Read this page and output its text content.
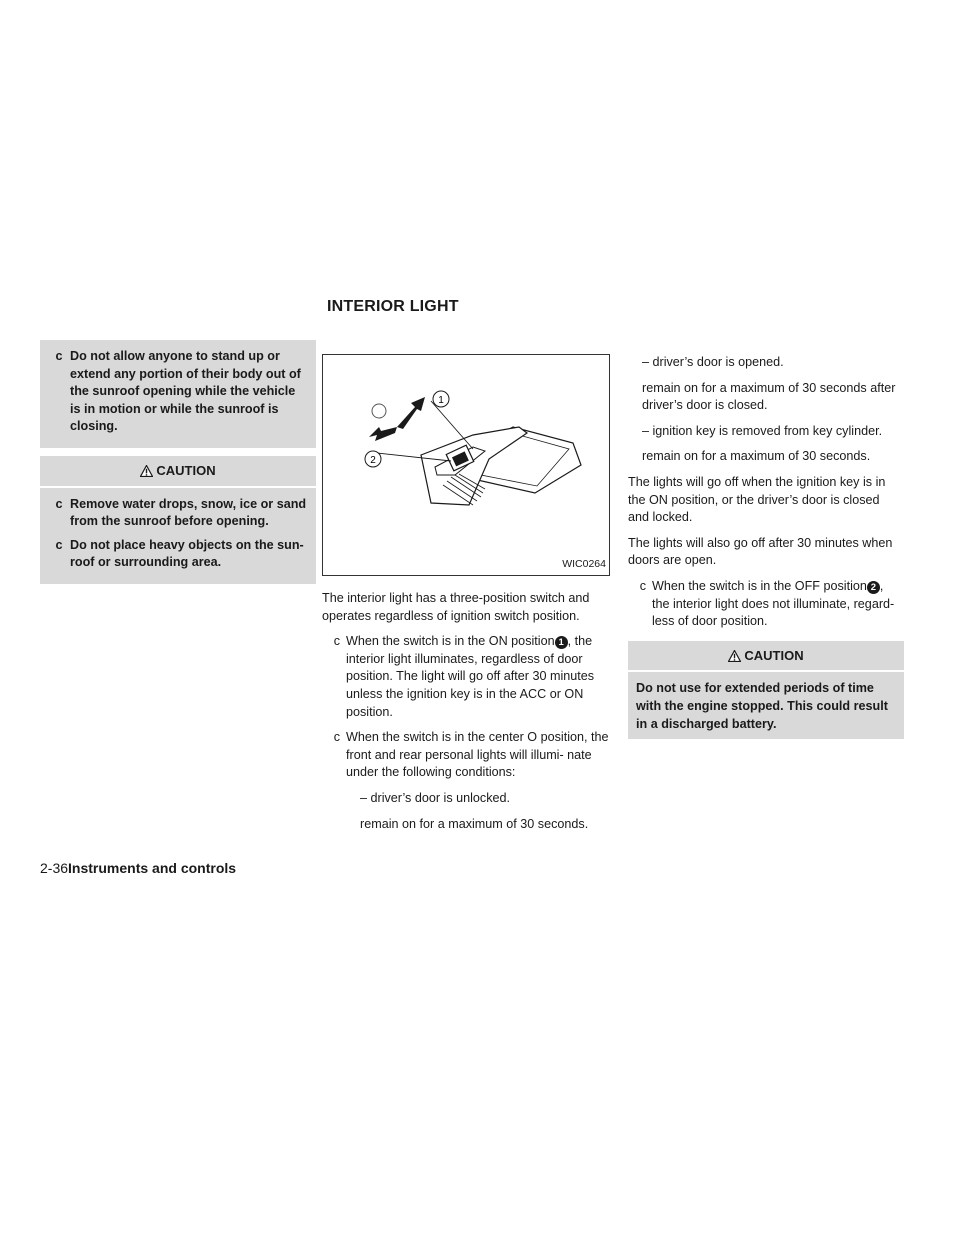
INTERIOR LIGHT
c Do not allow anyone to stand up or extend any portion of their body out of the sunroof opening while the vehicle is in motion or while the sunroof is closing.
CAUTION
c Remove water drops, snow, ice or sand from the sunroof before opening.
c Do not place heavy objects on the sun- roof or surrounding area.
1
2
WIC0264

The interior light has a three-position switch and operates regardless of ignition switch position.

c When the switch is in the ON position 1 , the interior light illuminates, regardless of door position. The light will go off after 30 minutes unless the ignition key is in the ACC or ON position.
c When the switch is in the center O position, the front and rear personal lights will illumi- nate under the following conditions:

– driver’s door is unlocked.

remain on for a maximum of 30 seconds.

– driver’s door is opened.

remain on for a maximum of 30 seconds after driver’s door is closed.

– ignition key is removed from key cylinder.

remain on for a maximum of 30 seconds.

The lights will go off when the ignition key is in the ON position, or the driver’s door is closed and locked.

The lights will also go off after 30 minutes when doors are open.

c When the switch is in the OFF position 2 , the interior light does not illuminate, regard- less of door position.
CAUTION
Do not use for extended periods of time with the engine stopped. This could result in a discharged battery.
2-36Instruments and controls
